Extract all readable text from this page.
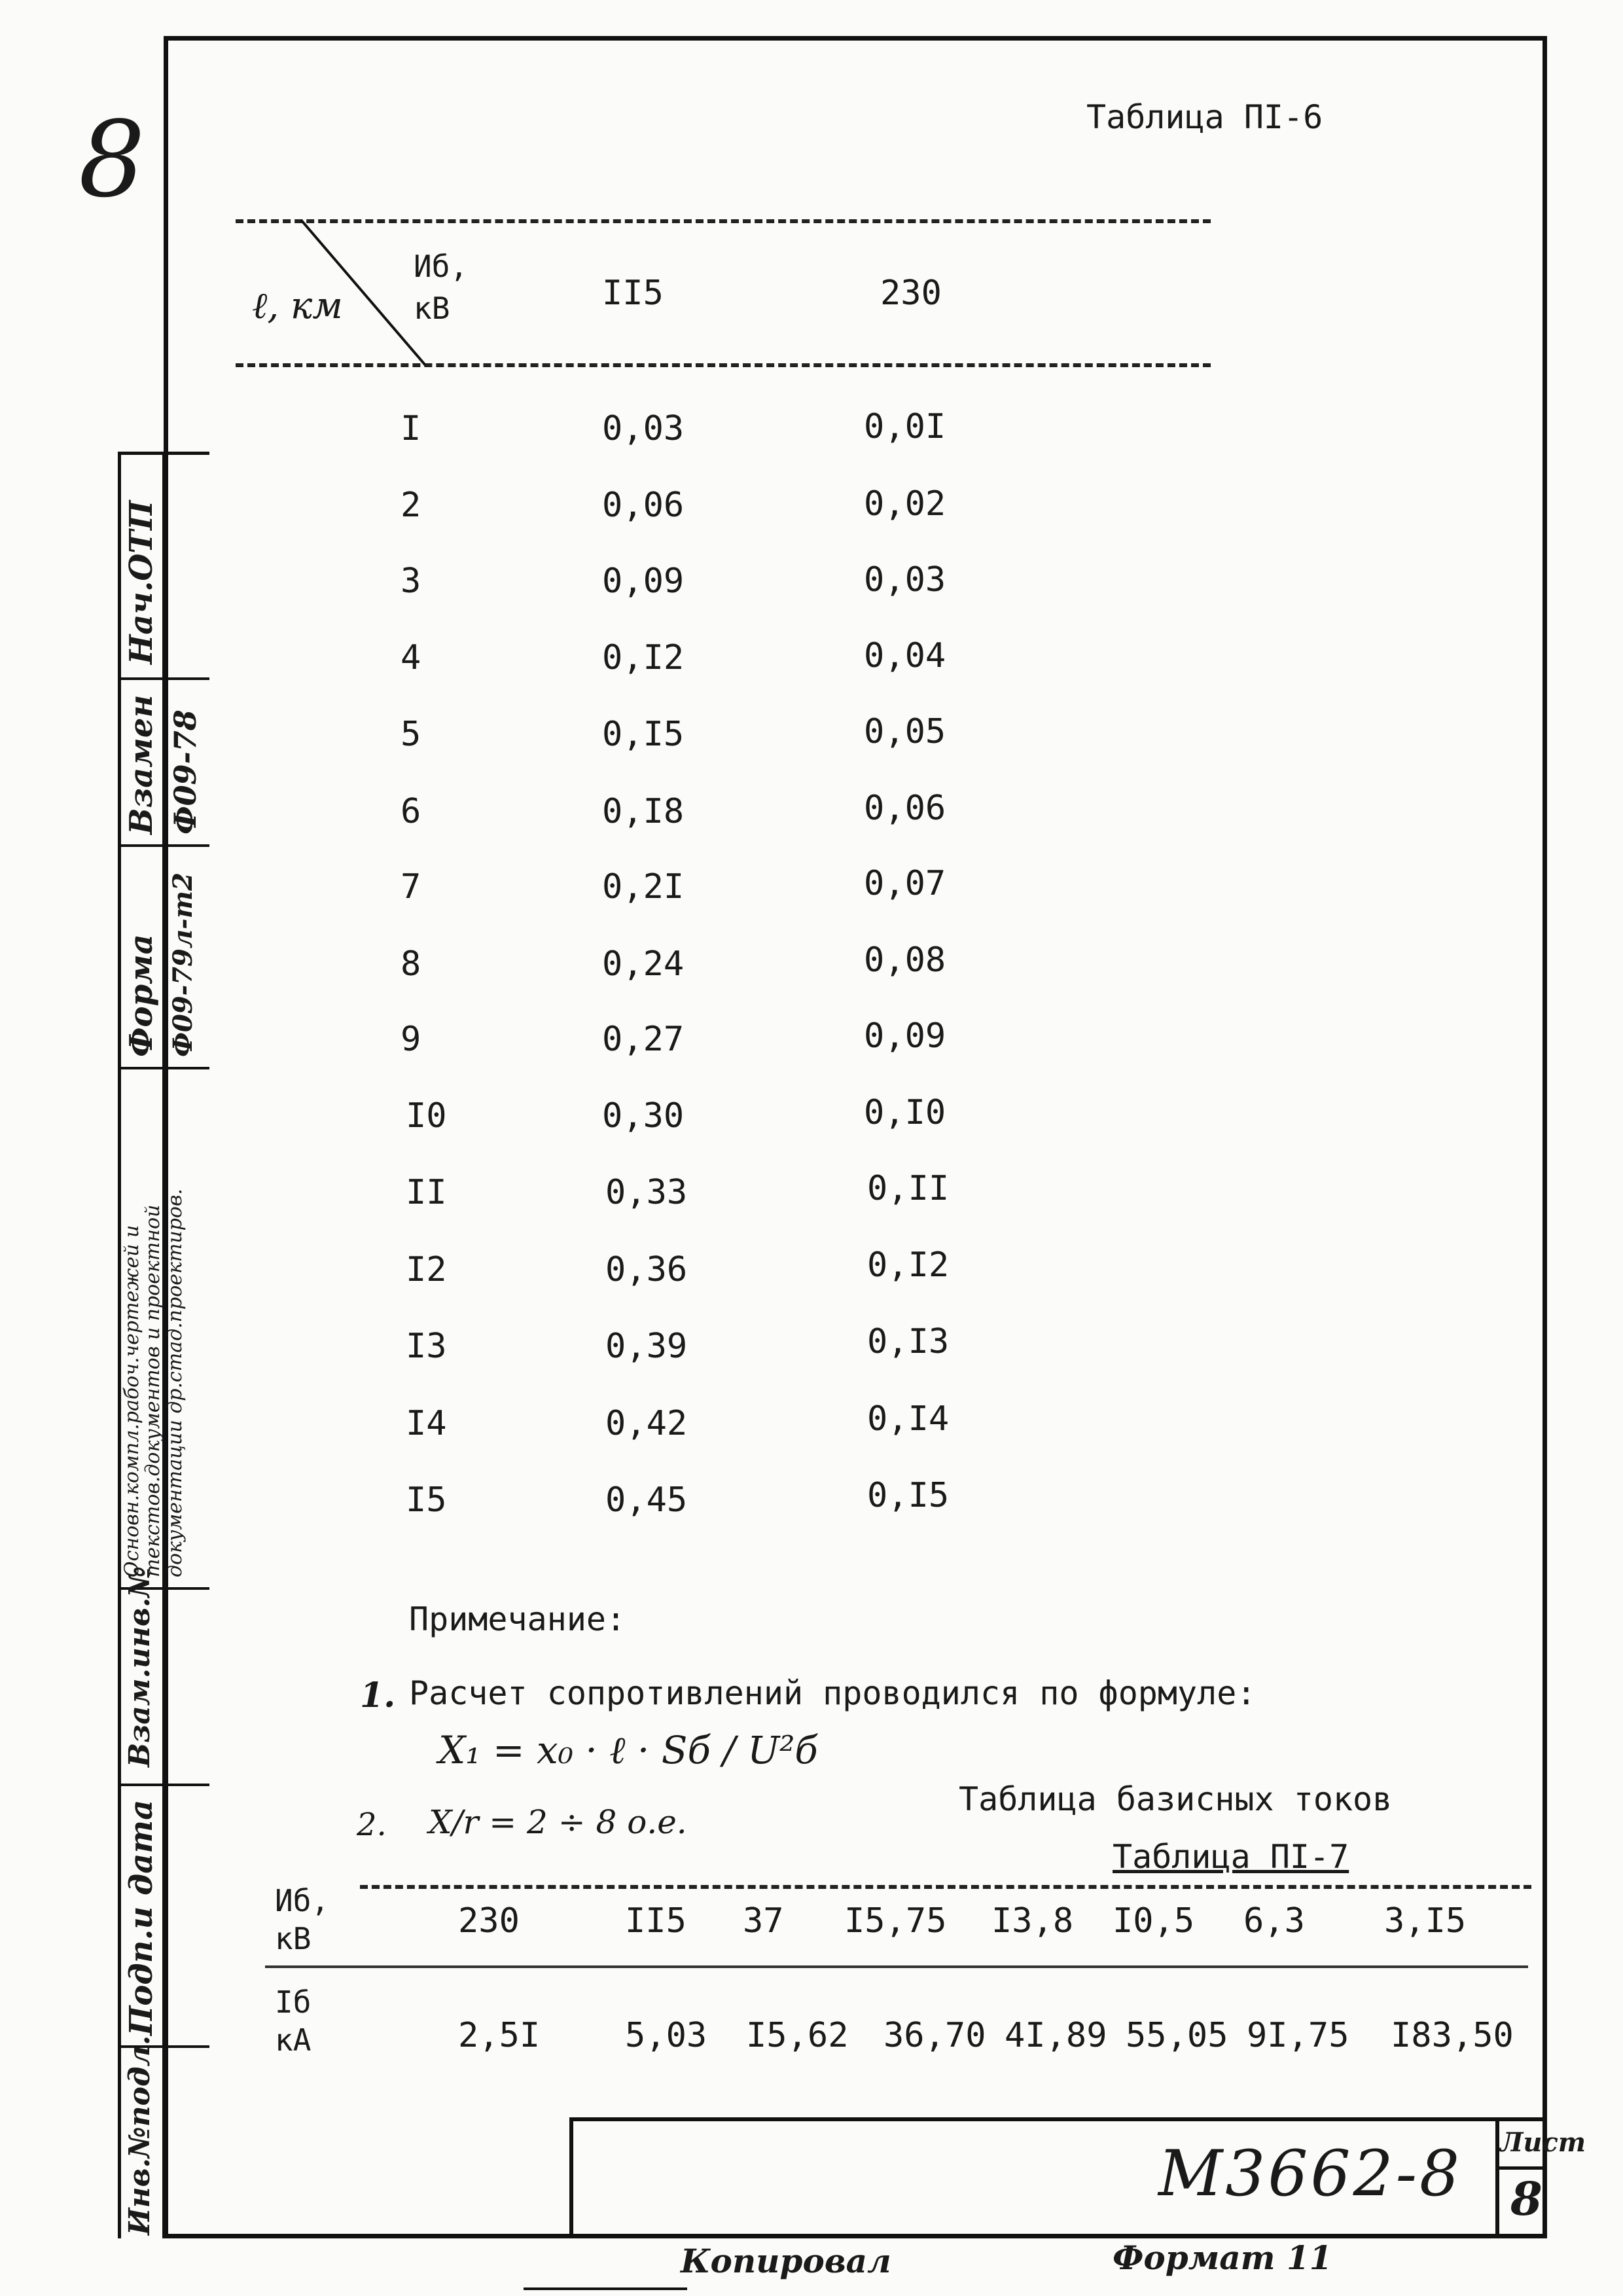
8
Нач.ОТП
Взамен Ф09-78
Форма Ф09-79л-т2
Основн.компл.рабоч.чертежей и
текстов.документов и проектной документации др.стад.проектиров.
Взам.инв.№
Подп.и дата
Инв.№подл.
Таблица ПI-6
ℓ, км
Иб, кВ	II5	230
I	0,03	0,0I
2	0,06	0,02
3	0,09	0,03
4	0,I2	0,04
5	0,I5	0,05
6	0,I8	0,06
7	0,2I	0,07
8	0,24	0,08
9	0,27	0,09
I0	0,30	0,I0
II	0,33	0,II
I2	0,36	0,I2
I3	0,39	0,I3
I4	0,42	0,I4
I5	0,45	0,I5
Примечание:
1. Расчет сопротивлений проводился по формуле:
X₁ = x₀ · ℓ · Sб / U²б
2. X/r = 2 ÷ 8 о.е.
Таблица базисных токов
Таблица ПI-7
Иб, кВ
Iб кА
230	II5 37 I5,75 I3,8 I0,5 6,3 3,I5
2,5I 5,03 I5,62 36,70 4I,89 55,05 9I,75 I83,50
М3662-8 Лист
8
Копировал	Формат 11
